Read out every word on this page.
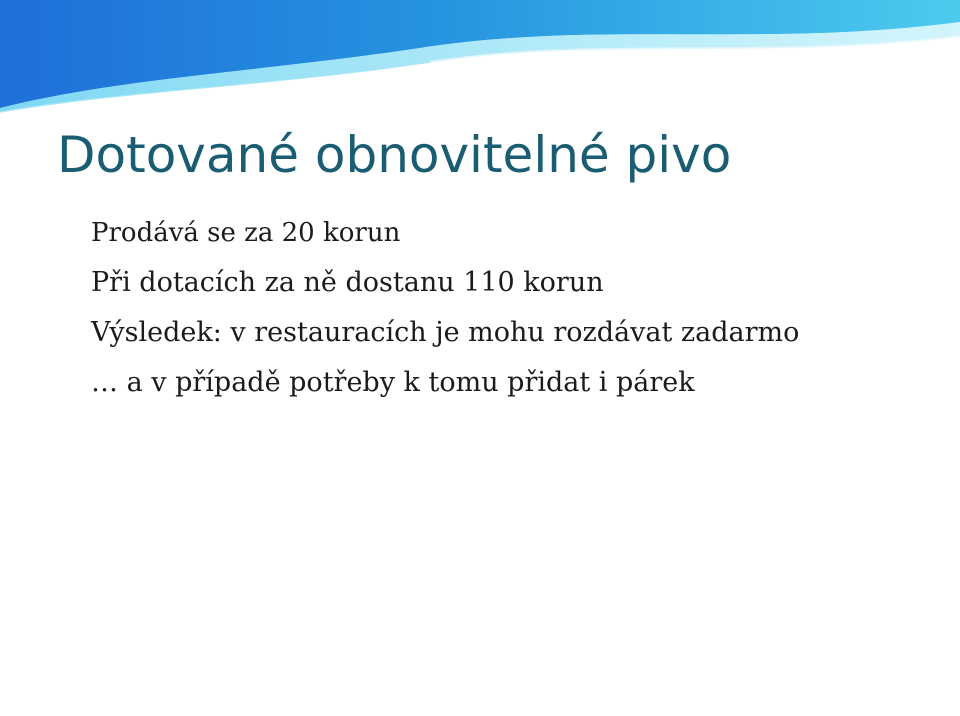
Dotované obnovitelné pivo
Prodává se za 20 korun
Při dotacích za ně dostanu 110 korun
Výsledek: v restauracích je mohu rozdávat zadarmo
… a v případě potřeby k tomu přidat i párek
